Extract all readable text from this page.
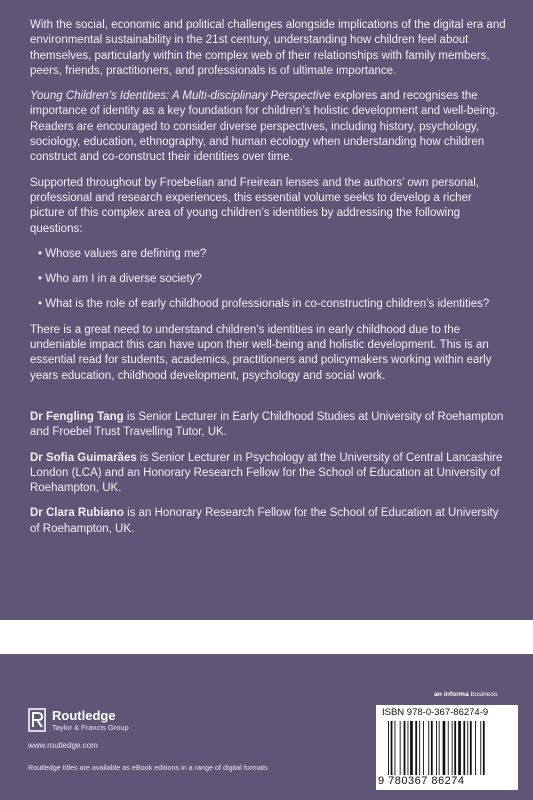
With the social, economic and political challenges alongside implications of the digital era and environmental sustainability in the 21st century, understanding how children feel about themselves, particularly within the complex web of their relationships with family members, peers, friends, practitioners, and professionals is of ultimate importance.

Young Children’s Identities: A Multi-disciplinary Perspective explores and recognises the importance of identity as a key foundation for children’s holistic development and well-being. Readers are encouraged to consider diverse perspectives, including history, psychology, sociology, education, ethnography, and human ecology when understanding how children construct and co-construct their identities over time.

Supported throughout by Froebelian and Freirean lenses and the authors’ own personal, professional and research experiences, this essential volume seeks to develop a richer picture of this complex area of young children’s identities by addressing the following questions:

• Whose values are defining me?
• Who am I in a diverse society?
• What is the role of early childhood professionals in co-constructing children’s identities?

There is a great need to understand children’s identities in early childhood due to the undeniable impact this can have upon their well-being and holistic development. This is an essential read for students, academics, practitioners and policymakers working within early years education, childhood development, psychology and social work.

Dr Fengling Tang is Senior Lecturer in Early Childhood Studies at University of Roehampton and Froebel Trust Travelling Tutor, UK.

Dr Sofia Guimarães is Senior Lecturer in Psychology at the University of Central Lancashire London (LCA) and an Honorary Research Fellow for the School of Education at University of Roehampton, UK.

Dr Clara Rubiano is an Honorary Research Fellow for the School of Education at University of Roehampton, UK.

Routledge
Taylor & Francis Group
www.routledge.com
Routledge titles are available as eBook editions in a range of digital formats
an informa business
ISBN 978-0-367-86274-9
9 780367 86274
